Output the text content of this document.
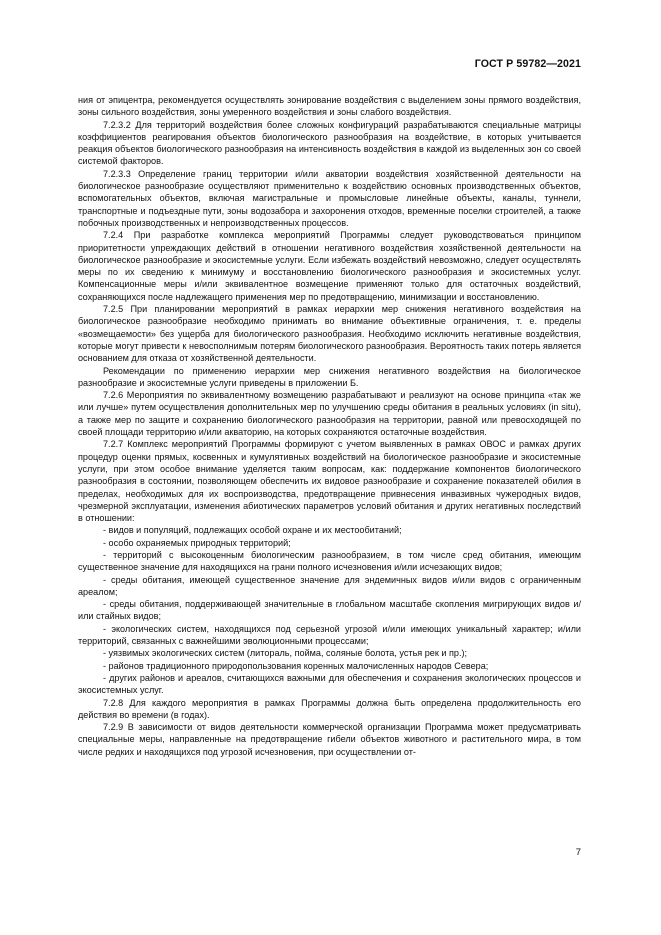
ГОСТ Р 59782—2021

ния от эпицентра, рекомендуется осуществлять зонирование воздействия с выделением зоны прямого воздействия, зоны сильного воздействия, зоны умеренного воздействия и зоны слабого воздействия.

7.2.3.2 Для территорий воздействия более сложных конфигураций разрабатываются специальные матрицы коэффициентов реагирования объектов биологического разнообразия на воздействие, в которых учитывается реакция объектов биологического разнообразия на интенсивность воздействия в каждой из выделенных зон со своей системой факторов.

7.2.3.3 Определение границ территории и/или акватории воздействия хозяйственной деятельности на биологическое разнообразие осуществляют применительно к воздействию основных производственных объектов, вспомогательных объектов, включая магистральные и промысловые линейные объекты, каналы, туннели, транспортные и подъездные пути, зоны водозабора и захоронения отходов, временные поселки строителей, а также побочных производственных и непроизводственных процессов.

7.2.4 При разработке комплекса мероприятий Программы следует руководствоваться принципом приоритетности упреждающих действий в отношении негативного воздействия хозяйственной деятельности на биологическое разнообразие и экосистемные услуги. Если избежать воздействий невозможно, следует осуществлять меры по их сведению к минимуму и восстановлению биологического разнообразия и экосистемных услуг. Компенсационные меры и/или эквивалентное возмещение применяют только для остаточных воздействий, сохраняющихся после надлежащего применения мер по предотвращению, минимизации и восстановлению.

7.2.5 При планировании мероприятий в рамках иерархии мер снижения негативного воздействия на биологическое разнообразие необходимо принимать во внимание объективные ограничения, т. е. пределы «возмещаемости» без ущерба для биологического разнообразия. Необходимо исключить негативные воздействия, которые могут привести к невосполнимым потерям биологического разнообразия. Вероятность таких потерь является основанием для отказа от хозяйственной деятельности.

Рекомендации по применению иерархии мер снижения негативного воздействия на биологическое разнообразие и экосистемные услуги приведены в приложении Б.

7.2.6 Мероприятия по эквивалентному возмещению разрабатывают и реализуют на основе принципа «так же или лучше» путем осуществления дополнительных мер по улучшению среды обитания в реальных условиях (in situ), а также мер по защите и сохранению биологического разнообразия на территории, равной или превосходящей по своей площади территорию и/или акваторию, на которых сохраняются остаточные воздействия.

7.2.7 Комплекс мероприятий Программы формируют с учетом выявленных в рамках ОВОС и рамках других процедур оценки прямых, косвенных и кумулятивных воздействий на биологическое разнообразие и экосистемные услуги, при этом особое внимание уделяется таким вопросам, как: поддержание компонентов биологического разнообразия в состоянии, позволяющем обеспечить их видовое разнообразие и сохранение показателей обилия в пределах, необходимых для их воспроизводства, предотвращение привнесения инвазивных чужеродных видов, чрезмерной эксплуатации, изменения абиотических параметров условий обитания и других негативных последствий в отношении:

- видов и популяций, подлежащих особой охране и их местообитаний;

- особо охраняемых природных территорий;

- территорий с высокоценным биологическим разнообразием, в том числе сред обитания, имеющим существенное значение для находящихся на грани полного исчезновения и/или исчезающих видов;

- среды обитания, имеющей существенное значение для эндемичных видов и/или видов с ограниченным ареалом;

- среды обитания, поддерживающей значительные в глобальном масштабе скопления мигрирующих видов и/или стайных видов;

- экологических систем, находящихся под серьезной угрозой и/или имеющих уникальный характер; и/или территорий, связанных с важнейшими эволюционными процессами;

- уязвимых экологических систем (литораль, пойма, соляные болота, устья рек и пр.);

- районов традиционного природопользования коренных малочисленных народов Севера;

- других районов и ареалов, считающихся важными для обеспечения и сохранения экологических процессов и экосистемных услуг.

7.2.8 Для каждого мероприятия в рамках Программы должна быть определена продолжительность его действия во времени (в годах).

7.2.9 В зависимости от видов деятельности коммерческой организации Программа может предусматривать специальные меры, направленные на предотвращение гибели объектов животного и растительного мира, в том числе редких и находящихся под угрозой исчезновения, при осуществлении от-

7
